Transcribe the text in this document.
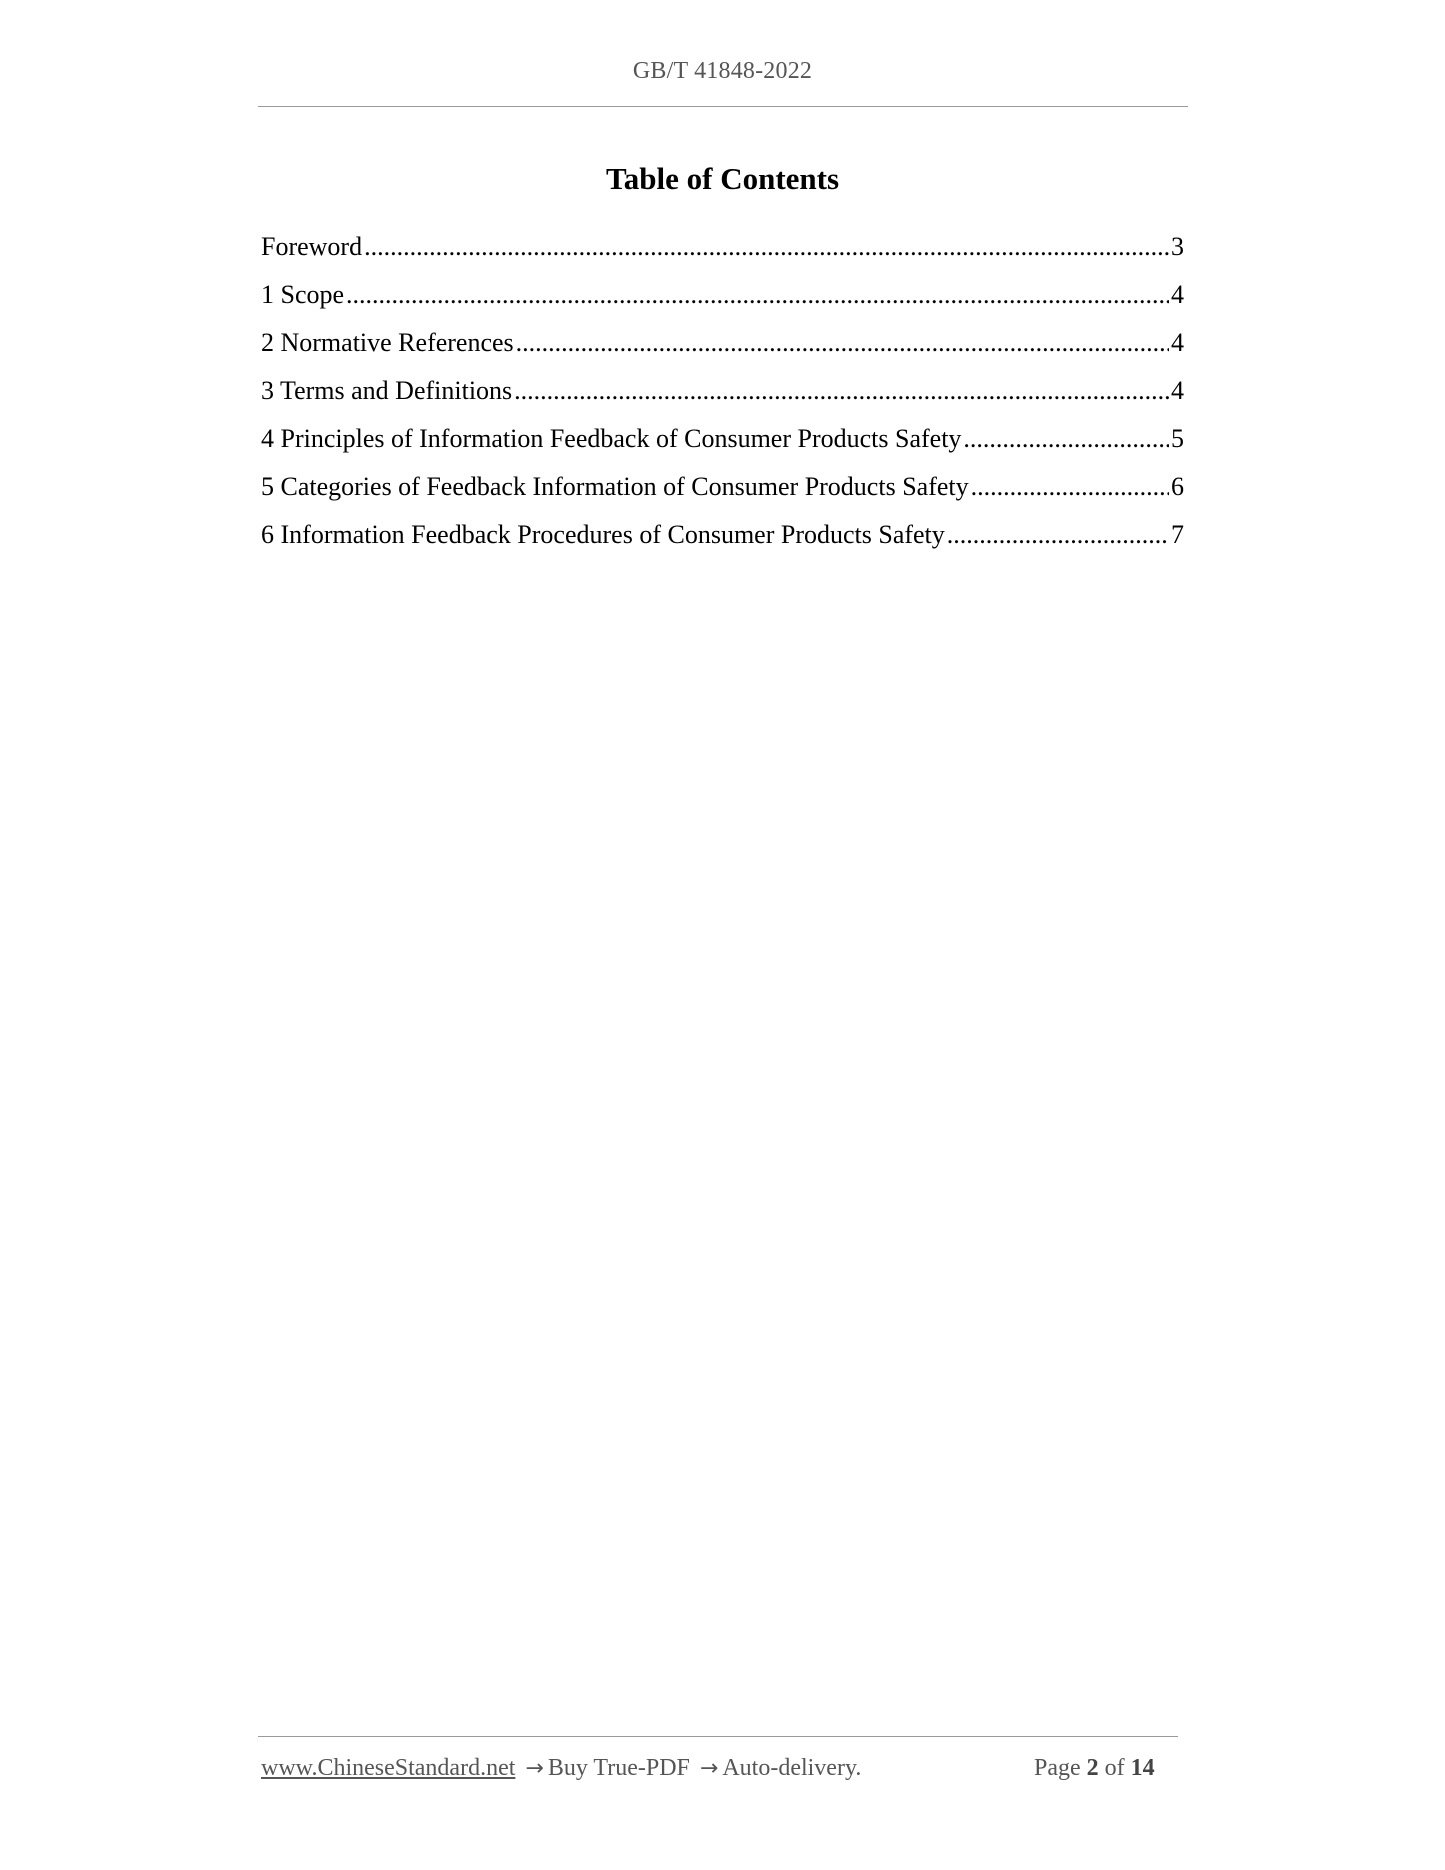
GB/T 41848-2022
Table of Contents
Foreword .....	3
1 Scope .....	4
2 Normative References .....	4
3 Terms and Definitions .....	4
4 Principles of Information Feedback of Consumer Products Safety .....	5
5 Categories of Feedback Information of Consumer Products Safety .....	6
6 Information Feedback Procedures of Consumer Products Safety .....	7
www.ChineseStandard.net → Buy True-PDF → Auto-delivery.	Page 2 of 14
